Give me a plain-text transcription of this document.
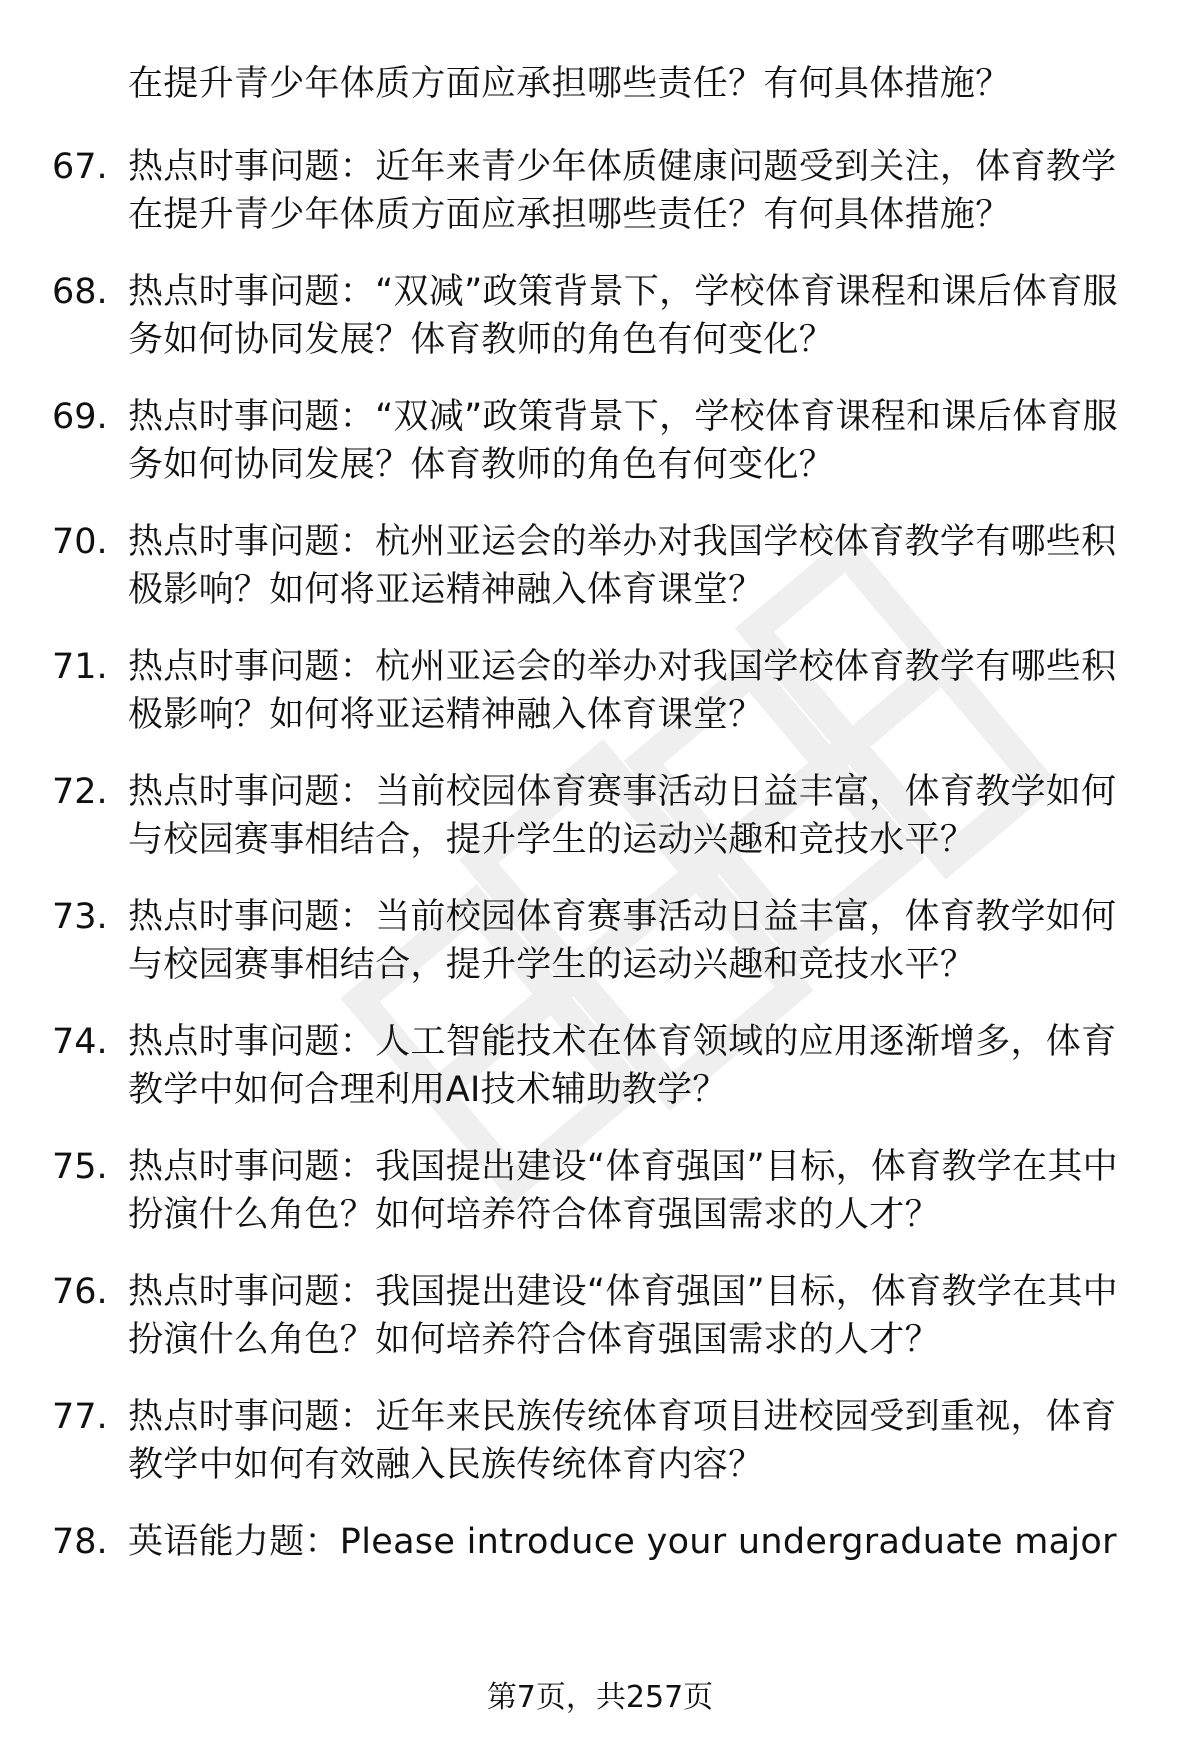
在提升青少年体质方面应承担哪些责任？有何具体措施？
67. 热点时事问题：近年来青少年体质健康问题受到关注，体育教学在提升青少年体质方面应承担哪些责任？有何具体措施？
68. 热点时事问题：“双减”政策背景下，学校体育课程和课后体育服务如何协同发展？体育教师的角色有何变化？
69. 热点时事问题：“双减”政策背景下，学校体育课程和课后体育服务如何协同发展？体育教师的角色有何变化？
70. 热点时事问题：杭州亚运会的举办对我国学校体育教学有哪些积极影响？如何将亚运精神融入体育课堂？
71. 热点时事问题：杭州亚运会的举办对我国学校体育教学有哪些积极影响？如何将亚运精神融入体育课堂？
72. 热点时事问题：当前校园体育赛事活动日益丰富，体育教学如何与校园赛事相结合，提升学生的运动兴趣和竞技水平？
73. 热点时事问题：当前校园体育赛事活动日益丰富，体育教学如何与校园赛事相结合，提升学生的运动兴趣和竞技水平？
74. 热点时事问题：人工智能技术在体育领域的应用逐渐增多，体育教学中如何合理利用AI技术辅助教学？
75. 热点时事问题：我国提出建设“体育强国”目标，体育教学在其中扮演什么角色？如何培养符合体育强国需求的人才？
76. 热点时事问题：我国提出建设“体育强国”目标，体育教学在其中扮演什么角色？如何培养符合体育强国需求的人才？
77. 热点时事问题：近年来民族传统体育项目进校园受到重视，体育教学中如何有效融入民族传统体育内容？
78. 英语能力题：Please introduce your undergraduate major
第7页，共257页
